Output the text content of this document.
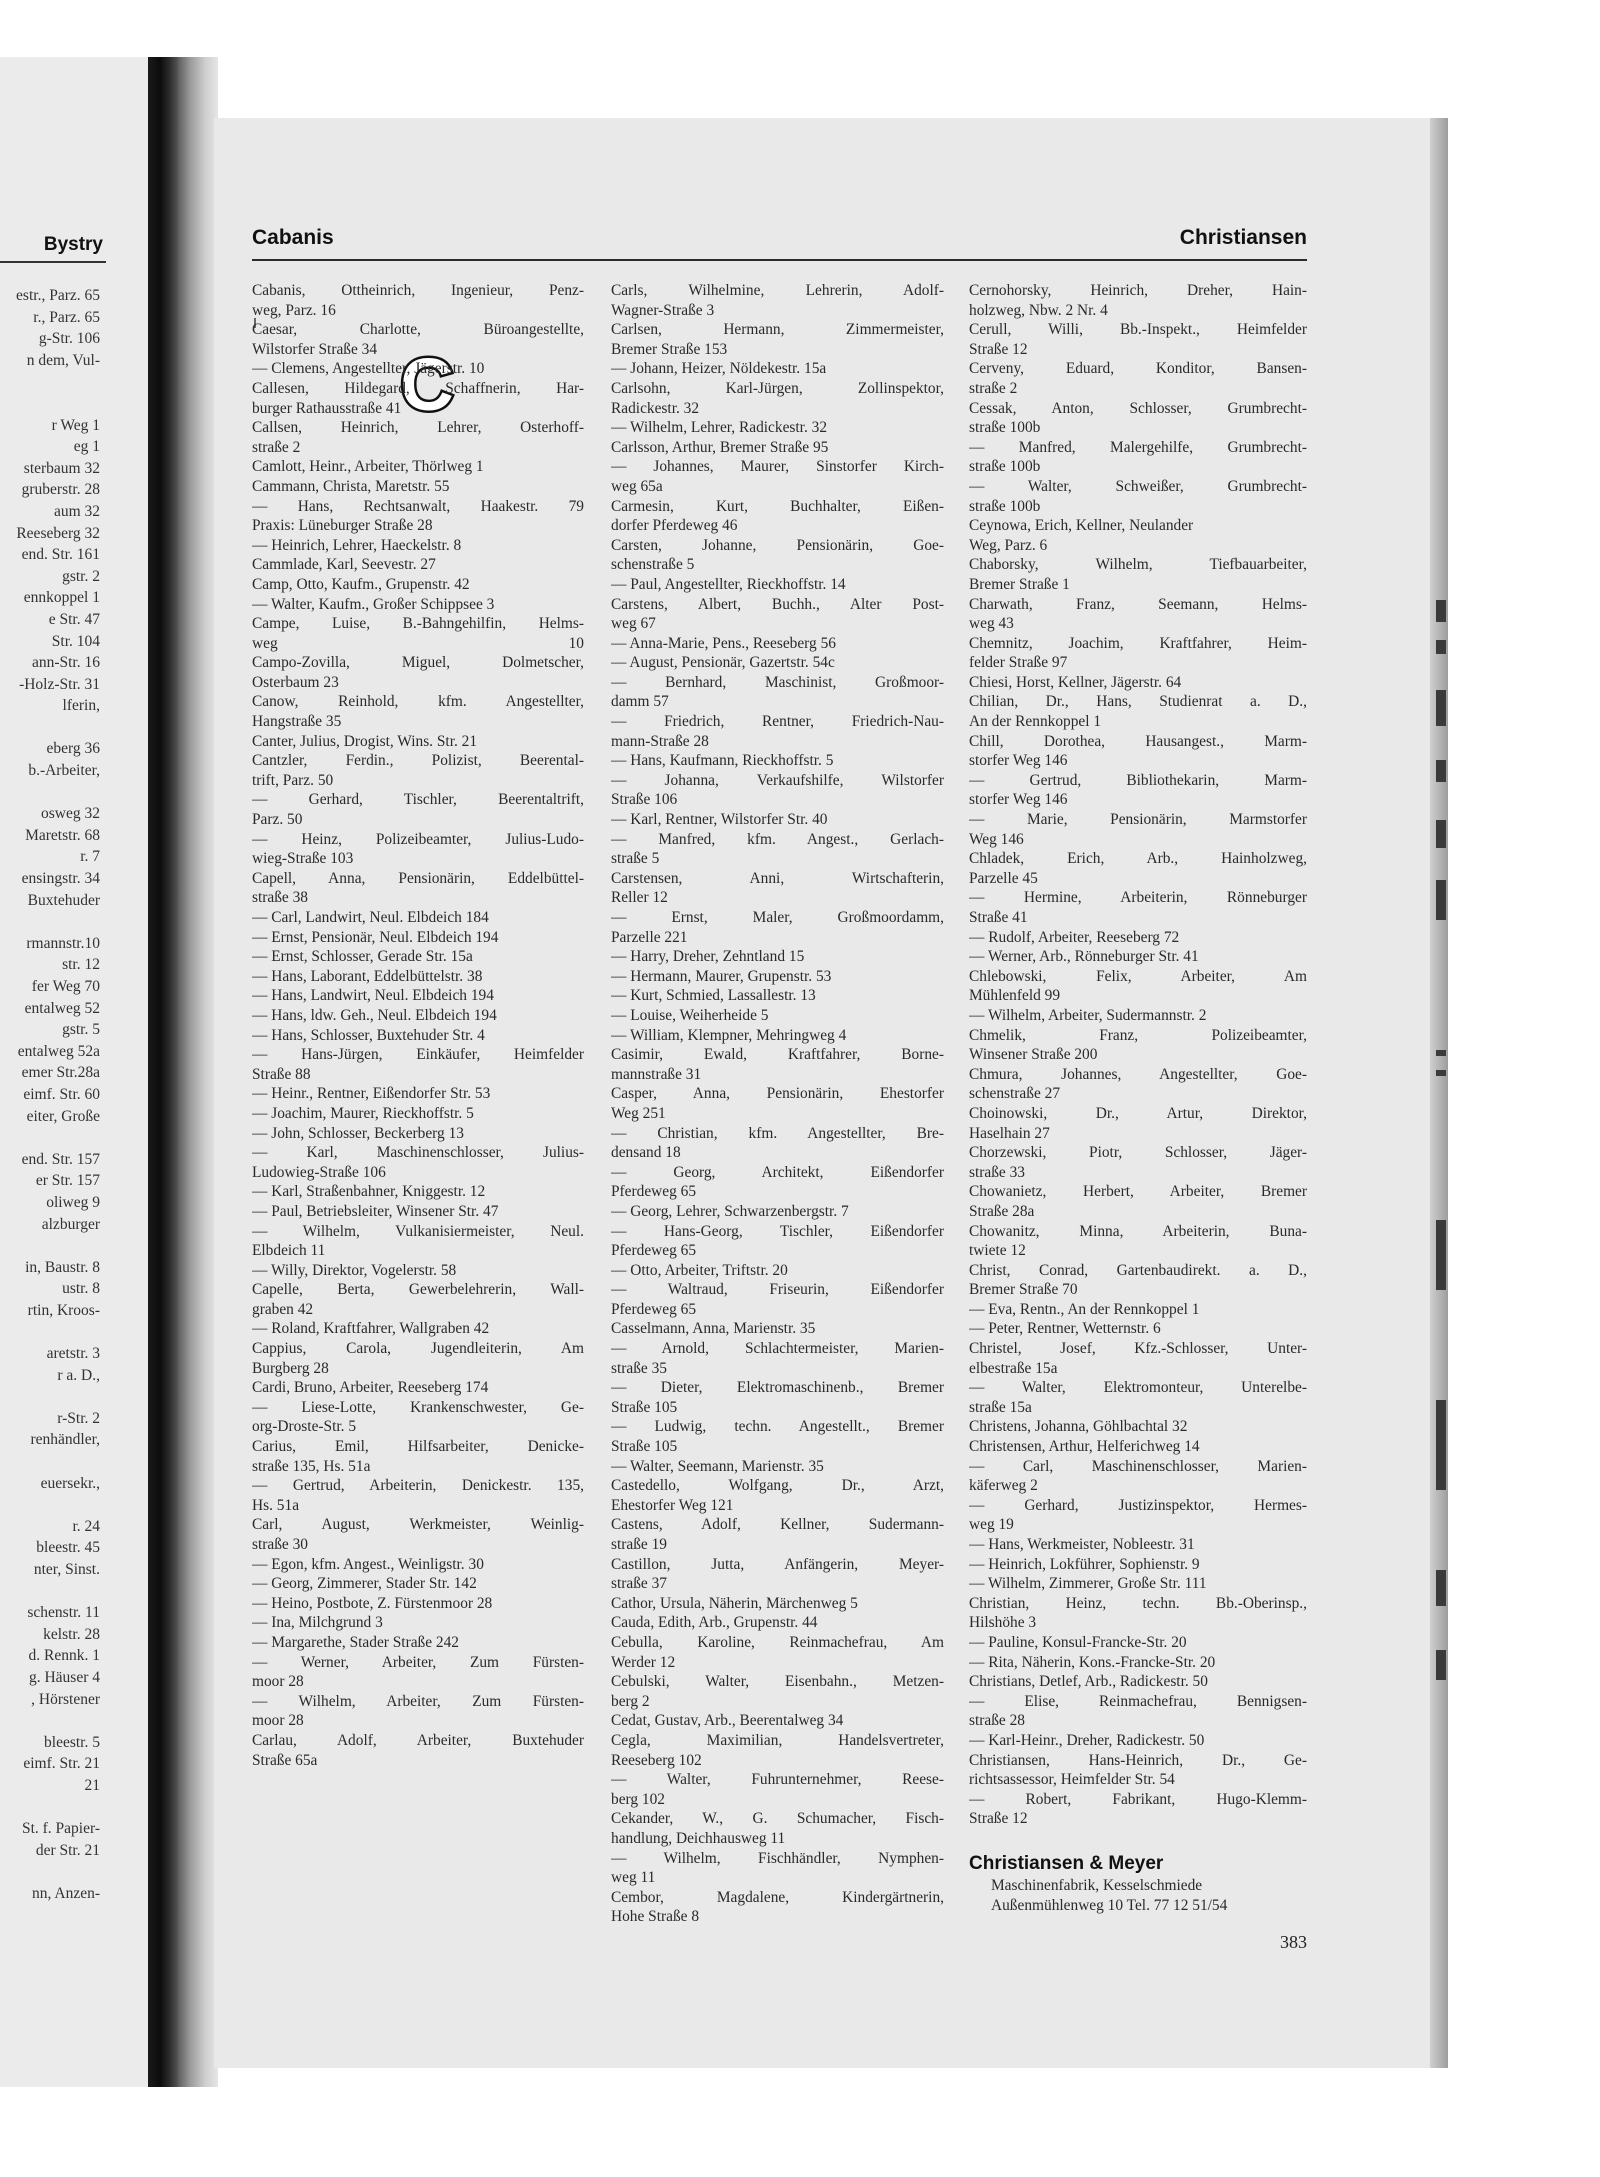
Bystry
estr., Parz. 65
r., Parz. 65
g-Str. 106
n dem, Vul-
r Weg 1
eg 1
sterbaum 32
gruberstr. 28
aum 32
Reeseberg 32
end. Str. 161
gstr. 2
ennkoppel 1
e Str. 47
Str. 104
ann-Str. 16
-Holz-Str. 31
lferin,
eberg 36
b.-Arbeiter,
osweg 32
Maretstr. 68
r. 7
ensingstr. 34
Buxtehuder
rmannstr.10
str. 12
fer Weg 70
entalweg 52
gstr. 5
entalweg 52a
emer Str.28a
eimf. Str. 60
eiter, Große
end. Str. 157
er Str. 157
oliweg 9
alzburger
in, Baustr. 8
ustr. 8
rtin, Kroos-
aretstr. 3
r a. D.,
r-Str. 2
renhändler,
euersekr.,
r. 24
bleestr. 45
nter, Sinst.
schenstr. 11
kelstr. 28
d. Rennk. 1
g. Häuser 4
, Hörstener
bleestr. 5
eimf. Str. 21
21
St. f. Papier-
der Str. 21
nn, Anzen-
Cabanis	Christiansen
C
Cabanis, Ottheinrich, Ingenieur, Penz-
weg, Parz. 16
Caesar, Charlotte, Büroangestellte,
Wilstorfer Straße 34
— Clemens, Angestellter, Jägerstr. 10
Callesen, Hildegard, Schaffnerin, Har-
burger Rathausstraße 41
Callsen, Heinrich, Lehrer, Osterhoff-
straße 2
Camlott, Heinr., Arbeiter, Thörlweg 1
Cammann, Christa, Maretstr. 55
— Hans, Rechtsanwalt, Haakestr. 79
Praxis: Lüneburger Straße 28
— Heinrich, Lehrer, Haeckelstr. 8
Cammlade, Karl, Seevestr. 27
Camp, Otto, Kaufm., Grupenstr. 42
— Walter, Kaufm., Großer Schippsee 3
Campe, Luise, B.-Bahngehilfin, Helms-
weg 10
Campo-Zovilla, Miguel, Dolmetscher,
Osterbaum 23
Canow, Reinhold, kfm. Angestellter,
Hangstraße 35
Canter, Julius, Drogist, Wins. Str. 21
Cantzler, Ferdin., Polizist, Beerental-
trift, Parz. 50
— Gerhard, Tischler, Beerentaltrift,
Parz. 50
— Heinz, Polizeibeamter, Julius-Ludo-
wieg-Straße 103
Capell, Anna, Pensionärin, Eddelbüttel-
straße 38
— Carl, Landwirt, Neul. Elbdeich 184
— Ernst, Pensionär, Neul. Elbdeich 194
— Ernst, Schlosser, Gerade Str. 15a
— Hans, Laborant, Eddelbüttelstr. 38
— Hans, Landwirt, Neul. Elbdeich 194
— Hans, ldw. Geh., Neul. Elbdeich 194
— Hans, Schlosser, Buxtehuder Str. 4
— Hans-Jürgen, Einkäufer, Heimfelder
Straße 88
— Heinr., Rentner, Eißendorfer Str. 53
— Joachim, Maurer, Rieckhoffstr. 5
— John, Schlosser, Beckerberg 13
— Karl, Maschinenschlosser, Julius-
Ludowieg-Straße 106
— Karl, Straßenbahner, Kniggestr. 12
— Paul, Betriebsleiter, Winsener Str. 47
— Wilhelm, Vulkanisiermeister, Neul.
Elbdeich 11
— Willy, Direktor, Vogelerstr. 58
Capelle, Berta, Gewerbelehrerin, Wall-
graben 42
— Roland, Kraftfahrer, Wallgraben 42
Cappius, Carola, Jugendleiterin, Am
Burgberg 28
Cardi, Bruno, Arbeiter, Reeseberg 174
— Liese-Lotte, Krankenschwester, Ge-
org-Droste-Str. 5
Carius, Emil, Hilfsarbeiter, Denicke-
straße 135, Hs. 51a
— Gertrud, Arbeiterin, Denickestr. 135,
Hs. 51a
Carl, August, Werkmeister, Weinlig-
straße 30
— Egon, kfm. Angest., Weinligstr. 30
— Georg, Zimmerer, Stader Str. 142
— Heino, Postbote, Z. Fürstenmoor 28
— Ina, Milchgrund 3
— Margarethe, Stader Straße 242
— Werner, Arbeiter, Zum Fürsten-
moor 28
— Wilhelm, Arbeiter, Zum Fürsten-
moor 28
Carlau, Adolf, Arbeiter, Buxtehuder
Straße 65a
Carls, Wilhelmine, Lehrerin, Adolf-
Wagner-Straße 3
Carlsen, Hermann, Zimmermeister,
Bremer Straße 153
— Johann, Heizer, Nöldekestr. 15a
Carlsohn, Karl-Jürgen, Zollinspektor,
Radickestr. 32
— Wilhelm, Lehrer, Radickestr. 32
Carlsson, Arthur, Bremer Straße 95
— Johannes, Maurer, Sinstorfer Kirch-
weg 65a
Carmesin, Kurt, Buchhalter, Eißen-
dorfer Pferdeweg 46
Carsten, Johanne, Pensionärin, Goe-
schenstraße 5
— Paul, Angestellter, Rieckhoffstr. 14
Carstens, Albert, Buchh., Alter Post-
weg 67
— Anna-Marie, Pens., Reeseberg 56
— August, Pensionär, Gazertstr. 54c
— Bernhard, Maschinist, Großmoor-
damm 57
— Friedrich, Rentner, Friedrich-Nau-
mann-Straße 28
— Hans, Kaufmann, Rieckhoffstr. 5
— Johanna, Verkaufshilfe, Wilstorfer
Straße 106
— Karl, Rentner, Wilstorfer Str. 40
— Manfred, kfm. Angest., Gerlach-
straße 5
Carstensen, Anni, Wirtschafterin,
Reller 12
— Ernst, Maler, Großmoordamm,
Parzelle 221
— Harry, Dreher, Zehntland 15
— Hermann, Maurer, Grupenstr. 53
— Kurt, Schmied, Lassallestr. 13
— Louise, Weiherheide 5
— William, Klempner, Mehringweg 4
Casimir, Ewald, Kraftfahrer, Borne-
mannstraße 31
Casper, Anna, Pensionärin, Ehestorfer
Weg 251
— Christian, kfm. Angestellter, Bre-
densand 18
— Georg, Architekt, Eißendorfer
Pferdeweg 65
— Georg, Lehrer, Schwarzenbergstr. 7
— Hans-Georg, Tischler, Eißendorfer
Pferdeweg 65
— Otto, Arbeiter, Triftstr. 20
— Waltraud, Friseurin, Eißendorfer
Pferdeweg 65
Casselmann, Anna, Marienstr. 35
— Arnold, Schlachtermeister, Marien-
straße 35
— Dieter, Elektromaschinenb., Bremer
Straße 105
— Ludwig, techn. Angestellt., Bremer
Straße 105
— Walter, Seemann, Marienstr. 35
Castedello, Wolfgang, Dr., Arzt,
Ehestorfer Weg 121
Castens, Adolf, Kellner, Sudermann-
straße 19
Castillon, Jutta, Anfängerin, Meyer-
straße 37
Cathor, Ursula, Näherin, Märchenweg 5
Cauda, Edith, Arb., Grupenstr. 44
Cebulla, Karoline, Reinmachefrau, Am
Werder 12
Cebulski, Walter, Eisenbahn., Metzen-
berg 2
Cedat, Gustav, Arb., Beerentalweg 34
Cegla, Maximilian, Handelsvertreter,
Reeseberg 102
— Walter, Fuhrunternehmer, Reese-
berg 102
Cekander, W., G. Schumacher, Fisch-
handlung, Deichhausweg 11
— Wilhelm, Fischhändler, Nymphen-
weg 11
Cembor, Magdalene, Kindergärtnerin,
Hohe Straße 8
Cernohorsky, Heinrich, Dreher, Hain-
holzweg, Nbw. 2 Nr. 4
Cerull, Willi, Bb.-Inspekt., Heimfelder
Straße 12
Cerveny, Eduard, Konditor, Bansen-
straße 2
Cessak, Anton, Schlosser, Grumbrecht-
straße 100b
— Manfred, Malergehilfe, Grumbrecht-
straße 100b
— Walter, Schweißer, Grumbrecht-
straße 100b
Ceynowa, Erich, Kellner, Neulander
Weg, Parz. 6
Chaborsky, Wilhelm, Tiefbauarbeiter,
Bremer Straße 1
Charwath, Franz, Seemann, Helms-
weg 43
Chemnitz, Joachim, Kraftfahrer, Heim-
felder Straße 97
Chiesi, Horst, Kellner, Jägerstr. 64
Chilian, Dr., Hans, Studienrat a. D.,
An der Rennkoppel 1
Chill, Dorothea, Hausangest., Marm-
storfer Weg 146
— Gertrud, Bibliothekarin, Marm-
storfer Weg 146
— Marie, Pensionärin, Marmstorfer
Weg 146
Chladek, Erich, Arb., Hainholzweg,
Parzelle 45
— Hermine, Arbeiterin, Rönneburger
Straße 41
— Rudolf, Arbeiter, Reeseberg 72
— Werner, Arb., Rönneburger Str. 41
Chlebowski, Felix, Arbeiter, Am
Mühlenfeld 99
— Wilhelm, Arbeiter, Sudermannstr. 2
Chmelik, Franz, Polizeibeamter,
Winsener Straße 200
Chmura, Johannes, Angestellter, Goe-
schenstraße 27
Choinowski, Dr., Artur, Direktor,
Haselhain 27
Chorzewski, Piotr, Schlosser, Jäger-
straße 33
Chowanietz, Herbert, Arbeiter, Bremer
Straße 28a
Chowanitz, Minna, Arbeiterin, Buna-
twiete 12
Christ, Conrad, Gartenbaudirekt. a. D.,
Bremer Straße 70
— Eva, Rentn., An der Rennkoppel 1
— Peter, Rentner, Wetternstr. 6
Christel, Josef, Kfz.-Schlosser, Unter-
elbestraße 15a
— Walter, Elektromonteur, Unterelbe-
straße 15a
Christens, Johanna, Göhlbachtal 32
Christensen, Arthur, Helferichweg 14
— Carl, Maschinenschlosser, Marien-
käferweg 2
— Gerhard, Justizinspektor, Hermes-
weg 19
— Hans, Werkmeister, Nobleestr. 31
— Heinrich, Lokführer, Sophienstr. 9
— Wilhelm, Zimmerer, Große Str. 111
Christian, Heinz, techn. Bb.-Oberinsp.,
Hilshöhe 3
— Pauline, Konsul-Francke-Str. 20
— Rita, Näherin, Kons.-Francke-Str. 20
Christians, Detlef, Arb., Radickestr. 50
— Elise, Reinmachefrau, Bennigsen-
straße 28
— Karl-Heinr., Dreher, Radickestr. 50
Christiansen, Hans-Heinrich, Dr., Ge-
richtsassessor, Heimfelder Str. 54
— Robert, Fabrikant, Hugo-Klemm-
Straße 12
Christiansen & Meyer
Maschinenfabrik, Kesselschmiede
Außenmühlenweg 10 Tel. 77 12 51/54
383
